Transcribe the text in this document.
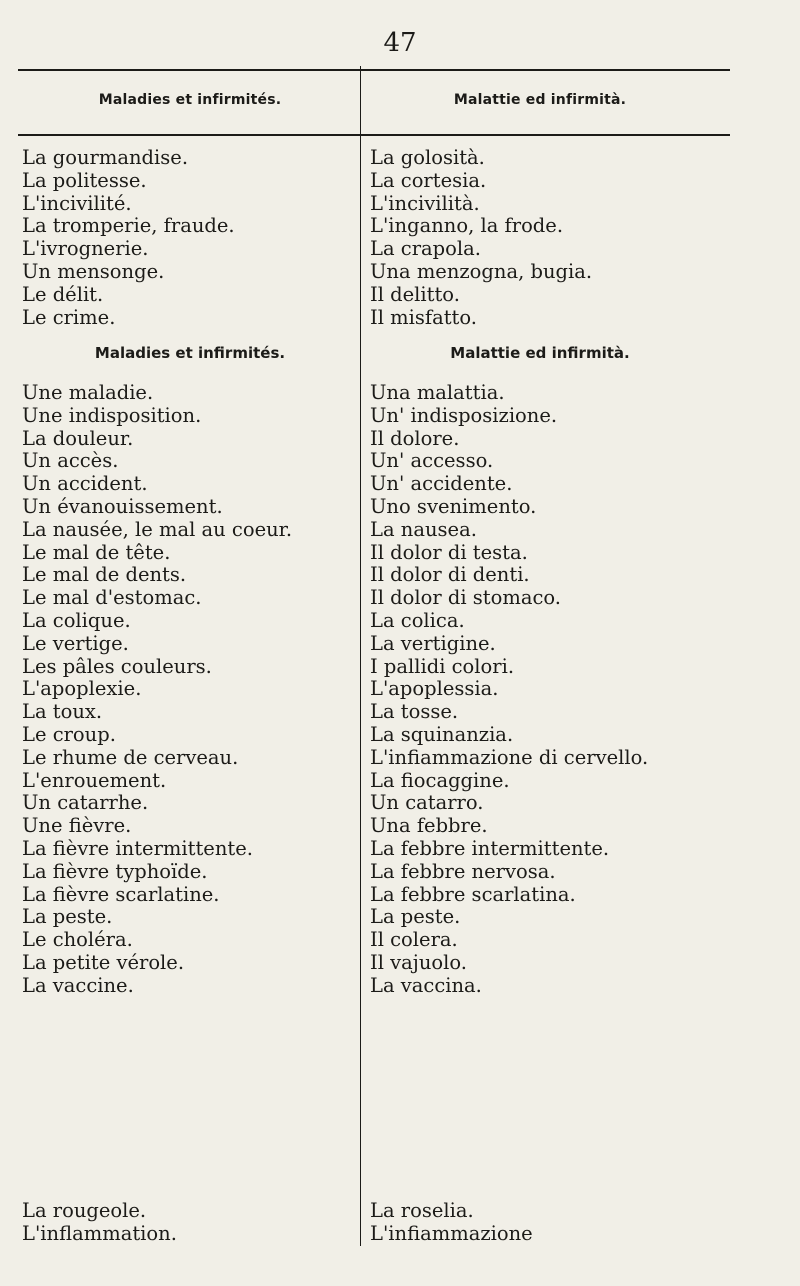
47
Maladies et infirmités.	Malattie ed infirmità.
La gourmandise.
La politesse.
L'incivilité.
La tromperie, fraude.
L'ivrognerie.
Un mensonge.
Le délit.
Le crime.
La golosità.
La cortesia.
L'incivilità.
L'inganno, la frode.
La crapola.
Una menzogna, bugia.
Il delitto.
Il misfatto.
Maladies et infirmités.	Malattie ed infirmità.
Une maladie.
Une indisposition.
La douleur.
Un accès.
Un accident.
Un évanouissement.
La nausée, le mal au coeur.
Le mal de tête.
Le mal de dents.
Le mal d'estomac.
La colique.
Le vertige.
Les pâles couleurs.
L'apoplexie.
La toux.
Le croup.
Le rhume de cerveau.
L'enrouement.
Un catarrhe.
Une fièvre.
La fièvre intermittente.
La fièvre typhoïde.
La fièvre scarlatine.
La peste.
Le choléra.
La petite vérole.
La vaccine.
Una malattia.
Un' indisposizione.
Il dolore.
Un' accesso.
Un' accidente.
Uno svenimento.
La nausea.
Il dolor di testa.
Il dolor di denti.
Il dolor di stomaco.
La colica.
La vertigine.
I pallidi colori.
L'apoplessia.
La tosse.
La squinanzia.
L'infiammazione di cervello.
La fiocaggine.
Un catarro.
Una febbre.
La febbre intermittente.
La febbre nervosa.
La febbre scarlatina.
La peste.
Il colera.
Il vajuolo.
La vaccina.
La rougeole.
L'inflammation.
La roselia.
L'infiammazione
